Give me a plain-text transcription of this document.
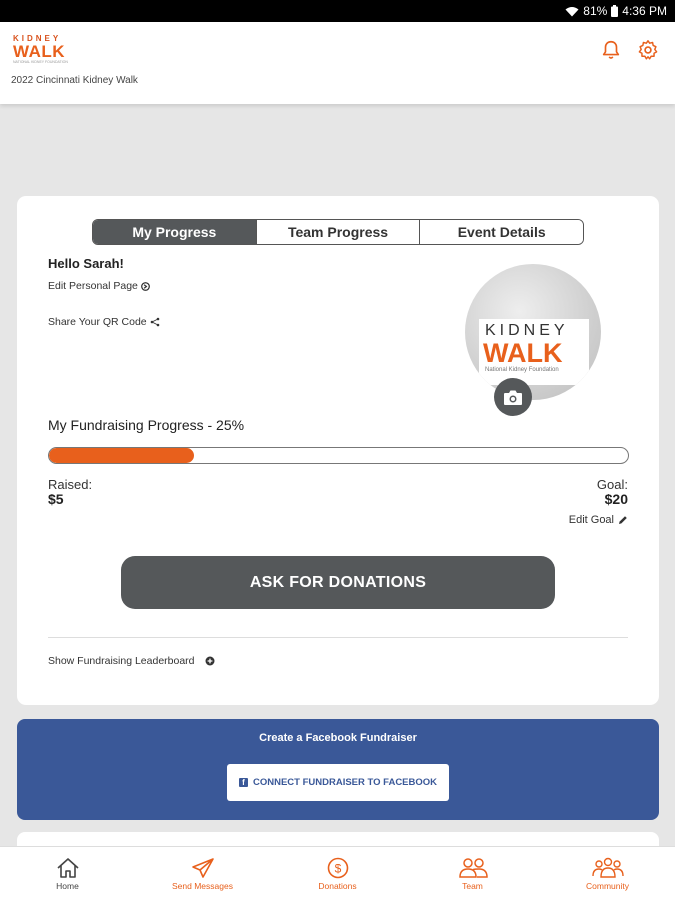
81% 4:36 PM
KIDNEY
WALK
NATIONAL KIDNEY FOUNDATION
2022 Cincinnati Kidney Walk
My Progress	Team Progress	Event Details
Hello Sarah!
Edit Personal Page
Share Your QR Code	KIDNEY
WALK
National Kidney Foundation
My Fundraising Progress - 25%
Raised:
$5
Goal:
$20
Edit Goal
ASK FOR DONATIONS
Show Fundraising Leaderboard
Create a Facebook Fundraiser
f CONNECT FUNDRAISER TO FACEBOOK
Home	Send Messages
$
Donations	Team	Community
